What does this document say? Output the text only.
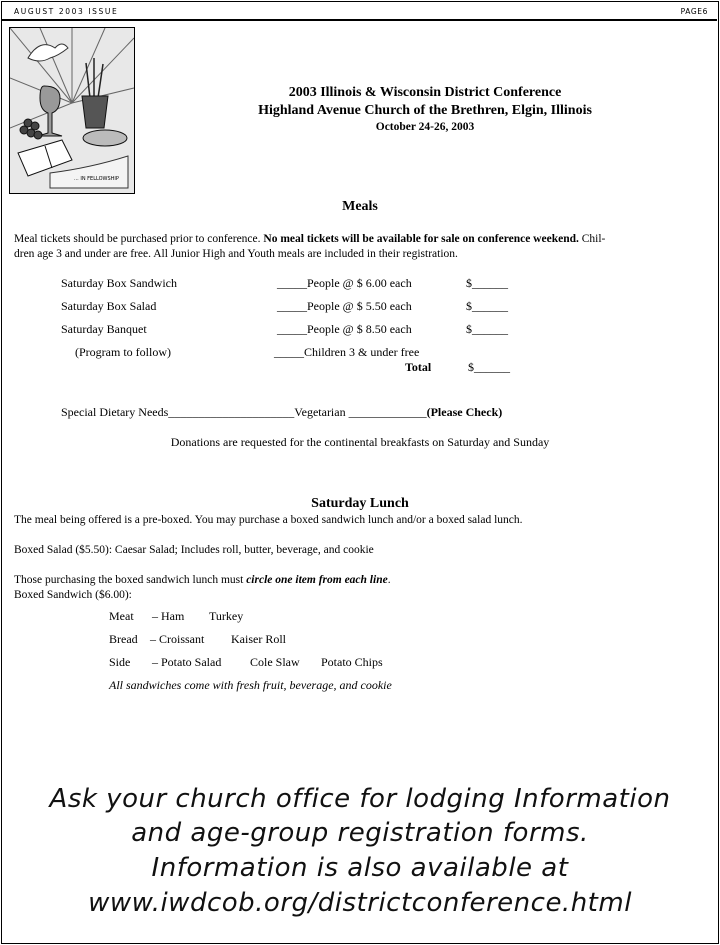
AUGUST 2003 ISSUE	PAGE6
... IN FELLOWSHIP
2003 Illinois & Wisconsin District Conference
Highland Avenue Church of the Brethren, Elgin, Illinois
October 24-26, 2003
Meals
Meal tickets should be purchased prior to conference. No meal tickets will be available for sale on conference weekend. Chil-
dren age 3 and under are free. All Junior High and Youth meals are included in their registration.
Saturday Box Sandwich	_____People @ $ 6.00 each	$______
Saturday Box Salad	_____People @ $ 5.50 each	$______
Saturday Banquet	_____People @ $ 8.50 each	$______
(Program to follow)	_____Children 3 & under free
Total	$______
Special Dietary Needs_____________________Vegetarian _____________(Please Check)
Donations are requested for the continental breakfasts on Saturday and Sunday
Saturday Lunch
The meal being offered is a pre-boxed. You may purchase a boxed sandwich lunch and/or a boxed salad lunch.
Boxed Salad ($5.50): Caesar Salad; Includes roll, butter, beverage, and cookie
Those purchasing the boxed sandwich lunch must circle one item from each line.
Boxed Sandwich ($6.00):
Meat – Ham Turkey
Bread – Croissant Kaiser Roll
Side – Potato Salad Cole Slaw Potato Chips
All sandwiches come with fresh fruit, beverage, and cookie
Ask your church office for lodging Information
and age-group registration forms.
Information is also available at
www.iwdcob.org/districtconference.html
